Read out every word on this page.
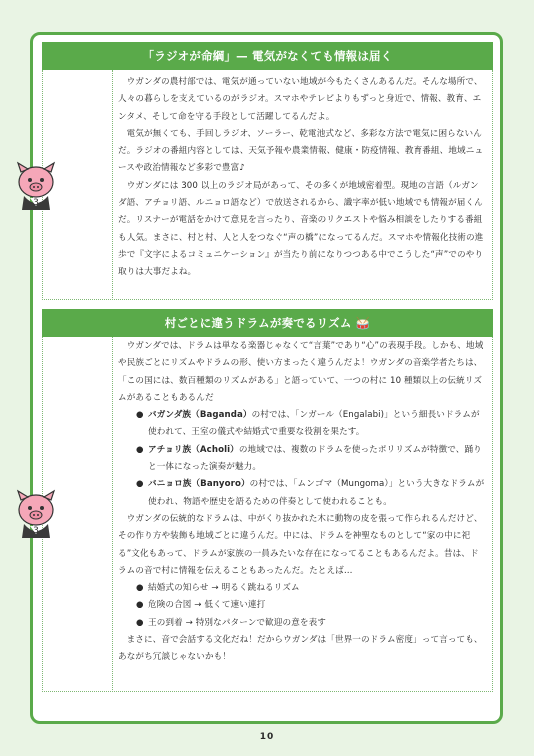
「ラジオが命綱」— 電気がなくても情報は届く
3

ウガンダの農村部では、電気が通っていない地域が今もたくさんあるんだ。そんな場所で、人々の暮らしを支えているのがラジオ。スマホやテレビよりもずっと身近で、情報、教育、エンタメ、そして命を守る手段として活躍してるんだよ。

電気が無くても、手回しラジオ、ソーラー、乾電池式など、多彩な方法で電気に困らないんだ。ラジオの番組内容としては、天気予報や農業情報、健康・防疫情報、教育番組、地域ニュースや政治情報など多彩で豊富♪

ウガンダには 300 以上のラジオ局があって、その多くが地域密着型。現地の言語（ルガンダ語、アチョリ語、ルニョロ語など）で放送されるから、識字率が低い地域でも情報が届くんだ。リスナーが電話をかけて意見を言ったり、音楽のリクエストや悩み相談をしたりする番組も人気。まさに、村と村、人と人をつなぐ“声の橋”になってるんだ。スマホや情報化技術の進歩で『文字によるコミュニケーション』が当たり前になりつつある中でこうした“声”でのやり取りは大事だよね。

村ごとに違うドラムが奏でるリズム 🥁
3

ウガンダでは、ドラムは単なる楽器じゃなくて“言葉”であり“心”の表現手段。しかも、地域や民族ごとにリズムやドラムの形、使い方まったく違うんだよ！ウガンダの音楽学者たちは、「この国には、数百種類のリズムがある」と語っていて、一つの村に 10 種類以上の伝統リズムがあることもあるんだ

● バガンダ族（Baganda）の村では、「ンガール（Engalabi)」という細長いドラムが使われて、王室の儀式や結婚式で重要な役割を果たす。
● アチョリ族（Acholi）の地域では、複数のドラムを使ったポリリズムが特徴で、踊りと一体になった演奏が魅力。
● バニョロ族（Banyoro）の村では、「ムンゴマ（Mungoma）」という大きなドラムが使われ、物語や歴史を語るための伴奏として使われることも。

ウガンダの伝統的なドラムは、中がくり抜かれた木に動物の皮を張って作られるんだけど、その作り方や装飾も地域ごとに違うんだ。中には、ドラムを神聖なものとして“家の中に祀る”文化もあって、ドラムが家族の一員みたいな存在になってることもあるんだよ。昔は、ドラムの音で村に情報を伝えることもあったんだ。たとえば…

● 結婚式の知らせ → 明るく跳ねるリズム
● 危険の合図 → 低くて速い連打
● 王の到着 → 特別なパターンで歓迎の意を表す

まさに、音で会話する文化だね！だからウガンダは「世界一のドラム密度」って言っても、あながち冗談じゃないかも！

10
